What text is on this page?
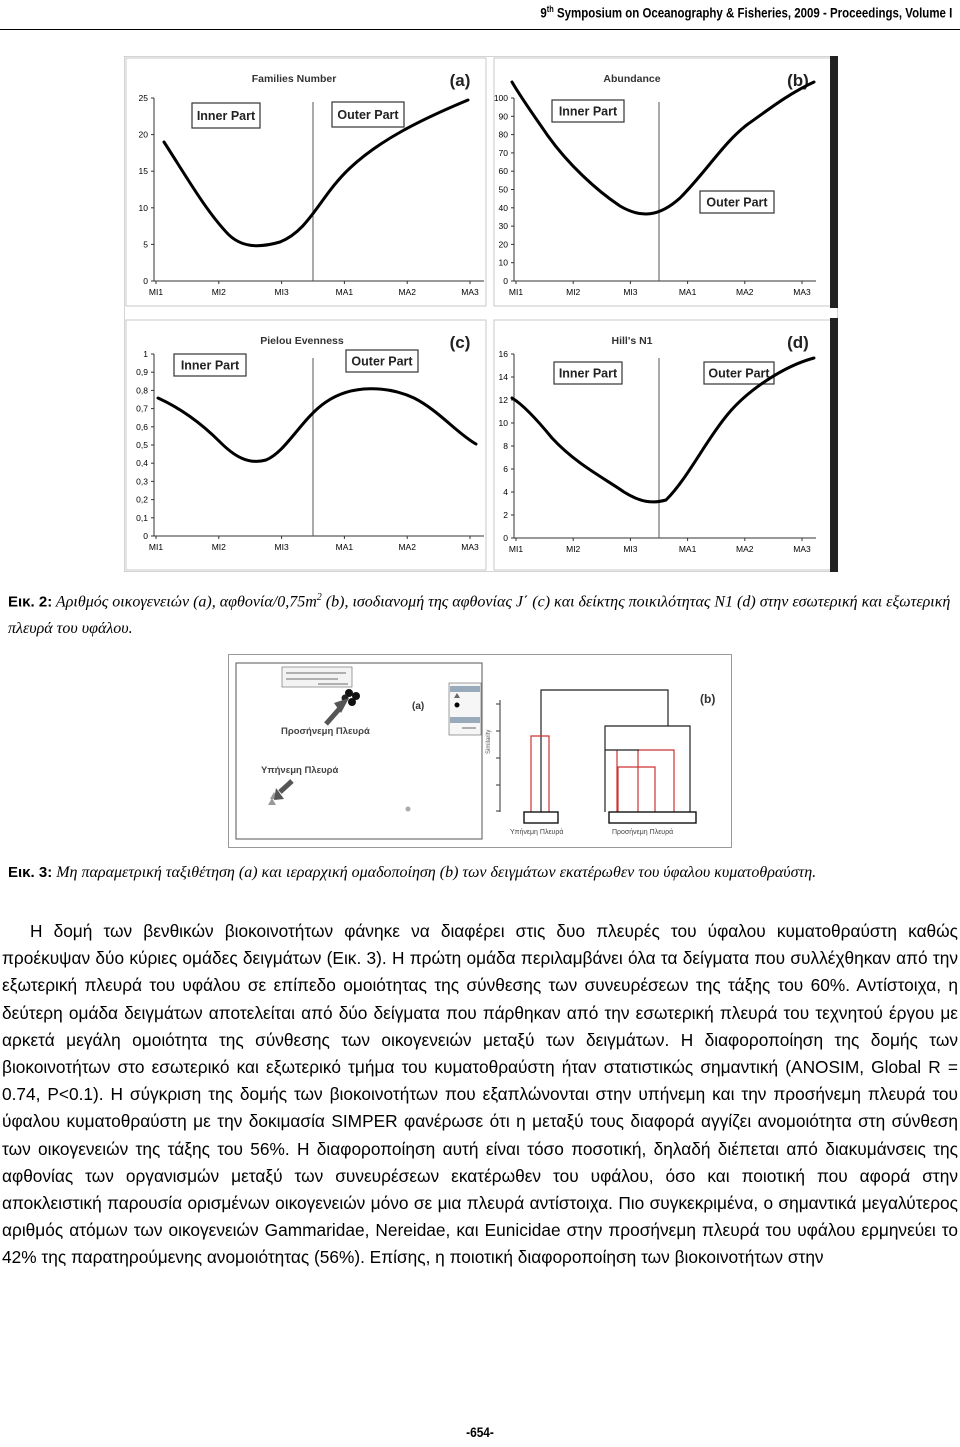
9th Symposium on Oceanography & Fisheries, 2009 - Proceedings, Volume I
25
20
15
10
5
0
MI1	MI2	MI3	MA1	MA2	MA3
Families Number	(a)
Inner Part	Outer Part
100
90
80
70
60
50
40
30
20
10
0
MI1	MI2	MI3	MA1	MA2	MA3
Abundance	(b)
Inner Part
Outer Part
1
0,9
0,8
0,7
0,6
0,5
0,4
0,3
0,2
0,1
0
MI1	MI2	MI3	MA1	MA2	MA3
Pielou Evenness	(c)
Inner Part	Outer Part
16
14
12
10
8
6
4
2
0
MI1	MI2	MI3	MA1	MA2	MA3
Hill's N1	(d)
Inner Part	Outer Part
Εικ. 2: Αριθμός οικογενειών (a), αφθονία/$0,75m^2$ (b), ισοδιανομή της αφθονίας J΄ (c) και δείκτης ποικιλότητας N1 (d) στην εσωτερική και εξωτερική πλευρά του υφάλου.
Προσήνεμη Πλευρά
Υπήνεμη Πλευρά
(a)
(b)
Similarity
Υπήνεμη Πλευρά	Προσήνεμη Πλευρά
Εικ. 3: Μη παραμετρική ταξιθέτηση (a) και ιεραρχική ομαδοποίηση (b) των δειγμάτων εκατέρωθεν του ύφαλου κυματοθραύστη.

Η δομή των βενθικών βιοκοινοτήτων φάνηκε να διαφέρει στις δυο πλευρές του ύφαλου κυματοθραύστη καθώς προέκυψαν δύο κύριες ομάδες δειγμάτων (Εικ. 3). Η πρώτη ομάδα περιλαμβάνει όλα τα δείγματα που συλλέχθηκαν από την εξωτερική πλευρά του υφάλου σε επίπεδο ομοιότητας της σύνθεσης των συνευρέσεων της τάξης του 60%. Αντίστοιχα, η δεύτερη ομάδα δειγμάτων αποτελείται από δύο δείγματα που πάρθηκαν από την εσωτερική πλευρά του τεχνητού έργου με αρκετά μεγάλη ομοιότητα της σύνθεσης των οικογενειών μεταξύ των δειγμάτων. Η διαφοροποίηση της δομής των βιοκοινοτήτων στο εσωτερικό και εξωτερικό τμήμα του κυματοθραύστη ήταν στατιστικώς σημαντική (ANOSIM, Global R = 0.74, P<0.1). Η σύγκριση της δομής των βιοκοινοτήτων που εξαπλώνονται στην υπήνεμη και την προσήνεμη πλευρά του ύφαλου κυματοθραύστη με την δοκιμασία SIMPER φανέρωσε ότι η μεταξύ τους διαφορά αγγίζει ανομοιότητα στη σύνθεση των οικογενειών της τάξης του 56%. Η διαφοροποίηση αυτή είναι τόσο ποσοτική, δηλαδή διέπεται από διακυμάνσεις της αφθονίας των οργανισμών μεταξύ των συνευρέσεων εκατέρωθεν του υφάλου, όσο και ποιοτική που αφορά στην αποκλειστική παρουσία ορισμένων οικογενειών μόνο σε μια πλευρά αντίστοιχα. Πιο συγκεκριμένα, ο σημαντικά μεγαλύτερος αριθμός ατόμων των οικογενειών Gammaridae, Nereidae, και Eunicidae στην προσήνεμη πλευρά του υφάλου ερμηνεύει το 42% της παρατηρούμενης ανομοιότητας (56%). Επίσης, η ποιοτική διαφοροποίηση των βιοκοινοτήτων στην

-654-
